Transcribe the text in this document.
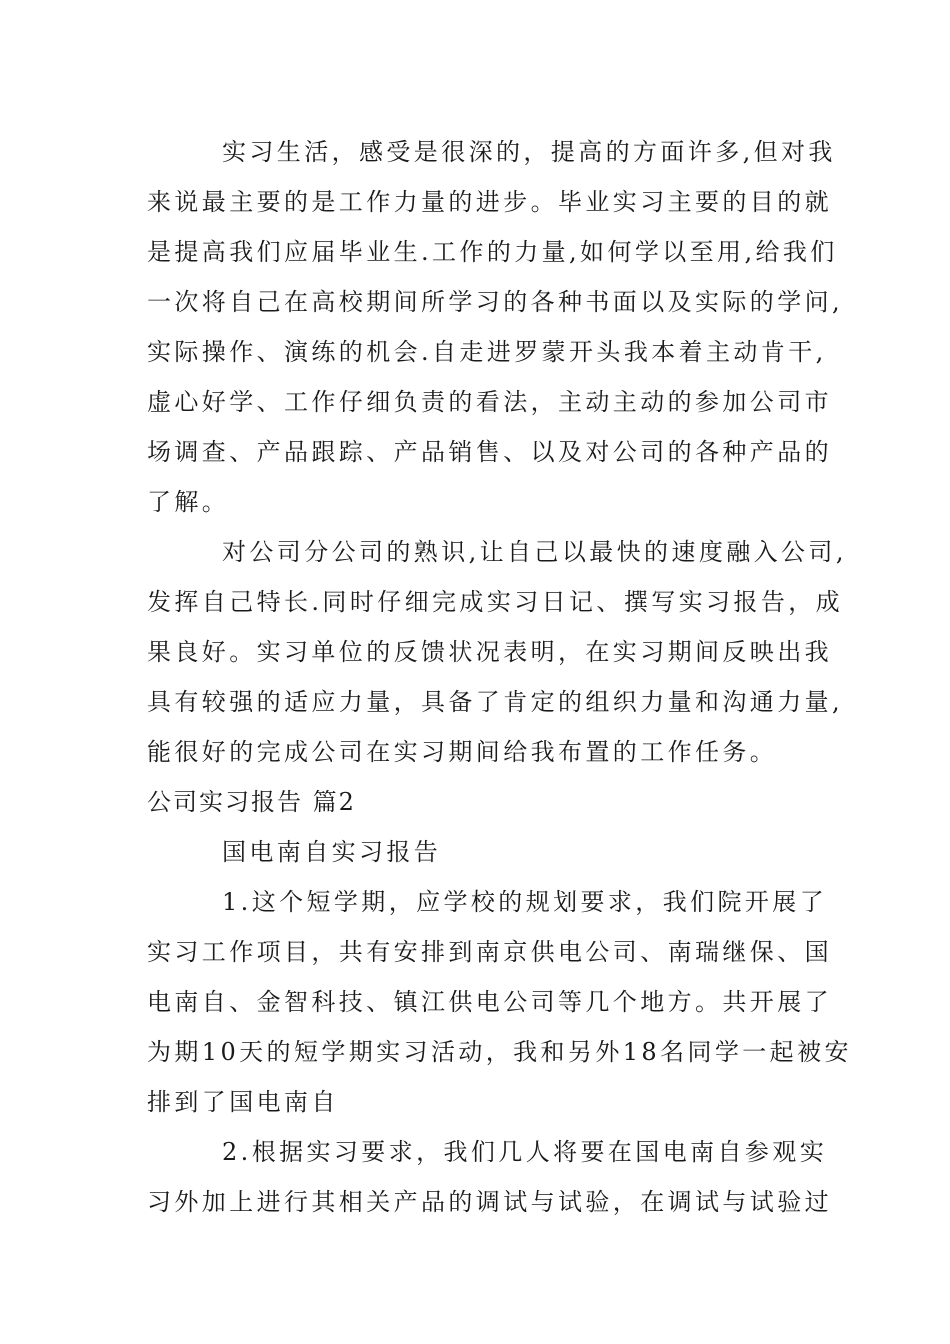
实习生活，感受是很深的，提高的方面许多,但对我
来说最主要的是工作力量的进步。毕业实习主要的目的就
是提高我们应届毕业生.工作的力量,如何学以至用,给我们
一次将自己在高校期间所学习的各种书面以及实际的学问,
实际操作、演练的机会.自走进罗蒙开头我本着主动肯干,
虚心好学、工作仔细负责的看法，主动主动的参加公司市
场调查、产品跟踪、产品销售、以及对公司的各种产品的
了解。
对公司分公司的熟识,让自己以最快的速度融入公司,
发挥自己特长.同时仔细完成实习日记、撰写实习报告，成
果良好。实习单位的反馈状况表明，在实习期间反映出我
具有较强的适应力量，具备了肯定的组织力量和沟通力量,
能很好的完成公司在实习期间给我布置的工作任务。
公司实习报告 篇2
国电南自实习报告
1.这个短学期，应学校的规划要求，我们院开展了
实习工作项目，共有安排到南京供电公司、南瑞继保、国
电南自、金智科技、镇江供电公司等几个地方。共开展了
为期10天的短学期实习活动，我和另外18名同学一起被安
排到了国电南自
2.根据实习要求，我们几人将要在国电南自参观实
习外加上进行其相关产品的调试与试验，在调试与试验过
